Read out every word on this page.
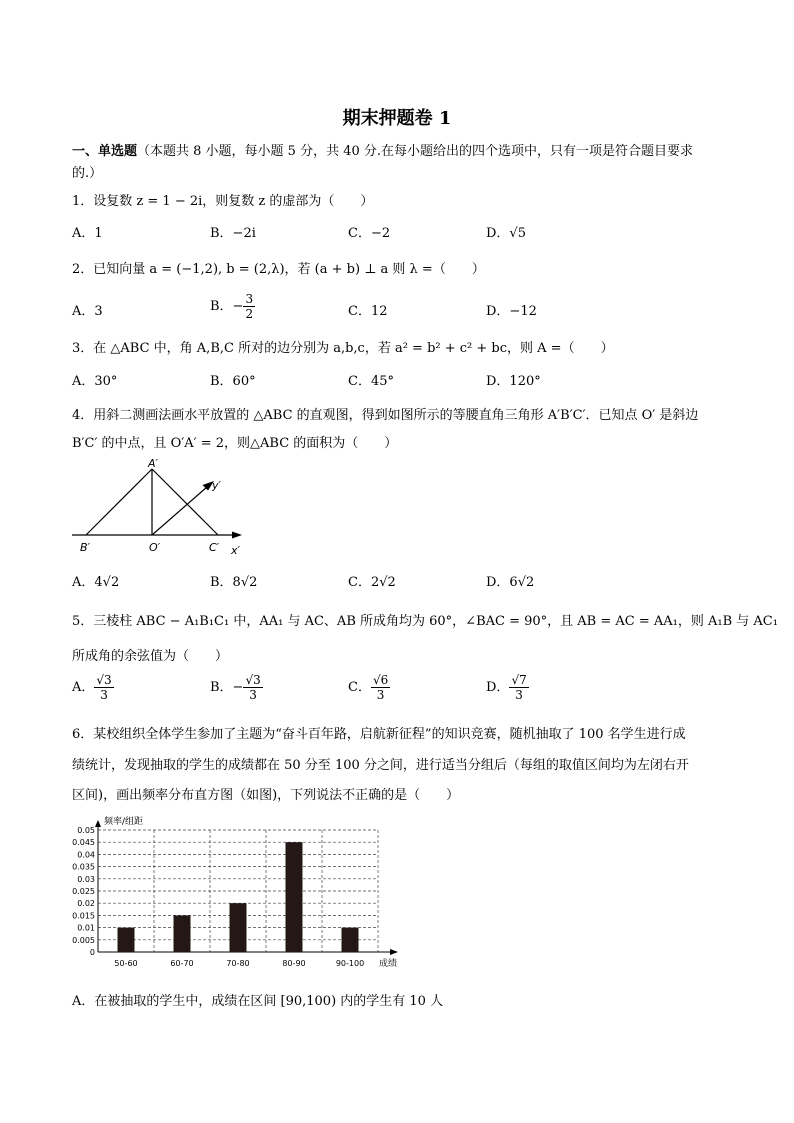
期末押题卷 1
一、单选题（本题共 8 小题，每小题 5 分，共 40 分.在每小题给出的四个选项中，只有一项是符合题目要求
的.）
1．设复数 z = 1 − 2i，则复数 z 的虚部为（　　）
A．1	B．−2i	C．−2	D．√5
2．已知向量 a = (−1,2), b = (2,λ)，若 (a + b) ⊥ a 则 λ =（　　）
A．3	B．− $\frac{3}{2}$	C．12	D．−12
3．在 △ABC 中，角 A,B,C 所对的边分别为 a,b,c，若 a² = b² + c² + bc，则 A =（　　）
A．30°	B．60°	C．45°	D．120°
4．用斜二测画法画水平放置的 △ABC 的直观图，得到如图所示的等腰直角三角形 A′B′C′．已知点 O′ 是斜边
B′C′ 的中点，且 O′A′ = 2，则△ABC 的面积为（　　）
A′
B′	O′	C′ x′
y′
A．4√2	B．8√2	C．2√2	D．6√2
5．三棱柱 ABC − A₁B₁C₁ 中，AA₁ 与 AC、AB 所成角均为 60°，∠BAC = 90°，且 AB = AC = AA₁，则 A₁B 与 AC₁
所成角的余弦值为（　　）
A． $\frac{√3}{3}$	B．− $\frac{√3}{3}$	C． $\frac{√6}{3}$	D． $\frac{√7}{3}$
6．某校组织全体学生参加了主题为“奋斗百年路，启航新征程”的知识竞赛，随机抽取了 100 名学生进行成
绩统计，发现抽取的学生的成绩都在 50 分至 100 分之间，进行适当分组后（每组的取值区间均为左闭右开
区间)，画出频率分布直方图（如图)，下列说法不正确的是（　　）
0.05
0.045
0.04
0.035
0.03
0.025
0.02
0.015
0.01
0.005
0
50-60	60-70	70-80	80-90	90-100
频率/组距
成绩
A．在被抽取的学生中，成绩在区间 [90,100) 内的学生有 10 人
